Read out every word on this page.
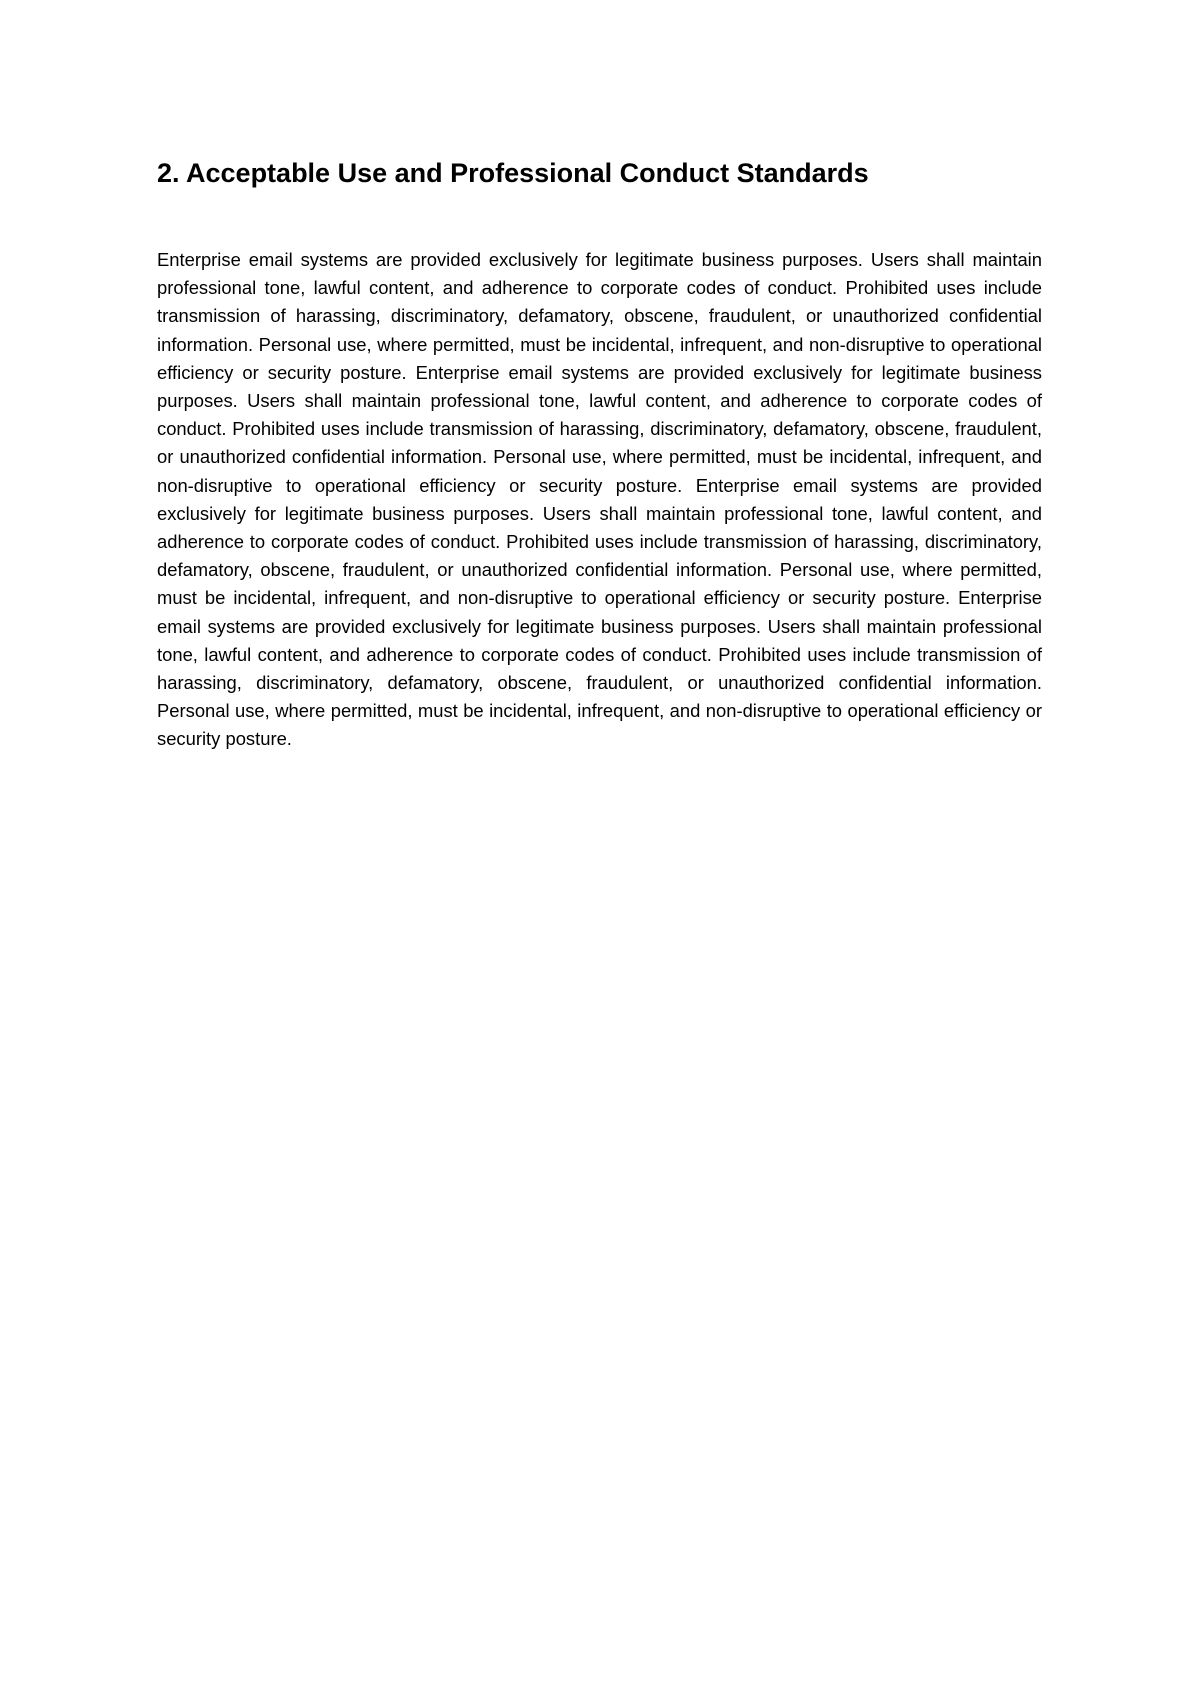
2. Acceptable Use and Professional Conduct Standards

Enterprise email systems are provided exclusively for legitimate business purposes. Users shall maintain professional tone, lawful content, and adherence to corporate codes of conduct. Prohibited uses include transmission of harassing, discriminatory, defamatory, obscene, fraudulent, or unauthorized confidential information. Personal use, where permitted, must be incidental, infrequent, and non-disruptive to operational efficiency or security posture. Enterprise email systems are provided exclusively for legitimate business purposes. Users shall maintain professional tone, lawful content, and adherence to corporate codes of conduct. Prohibited uses include transmission of harassing, discriminatory, defamatory, obscene, fraudulent, or unauthorized confidential information. Personal use, where permitted, must be incidental, infrequent, and non-disruptive to operational efficiency or security posture. Enterprise email systems are provided exclusively for legitimate business purposes. Users shall maintain professional tone, lawful content, and adherence to corporate codes of conduct. Prohibited uses include transmission of harassing, discriminatory, defamatory, obscene, fraudulent, or unauthorized confidential information. Personal use, where permitted, must be incidental, infrequent, and non-disruptive to operational efficiency or security posture. Enterprise email systems are provided exclusively for legitimate business purposes. Users shall maintain professional tone, lawful content, and adherence to corporate codes of conduct. Prohibited uses include transmission of harassing, discriminatory, defamatory, obscene, fraudulent, or unauthorized confidential information. Personal use, where permitted, must be incidental, infrequent, and non-disruptive to operational efficiency or security posture.
